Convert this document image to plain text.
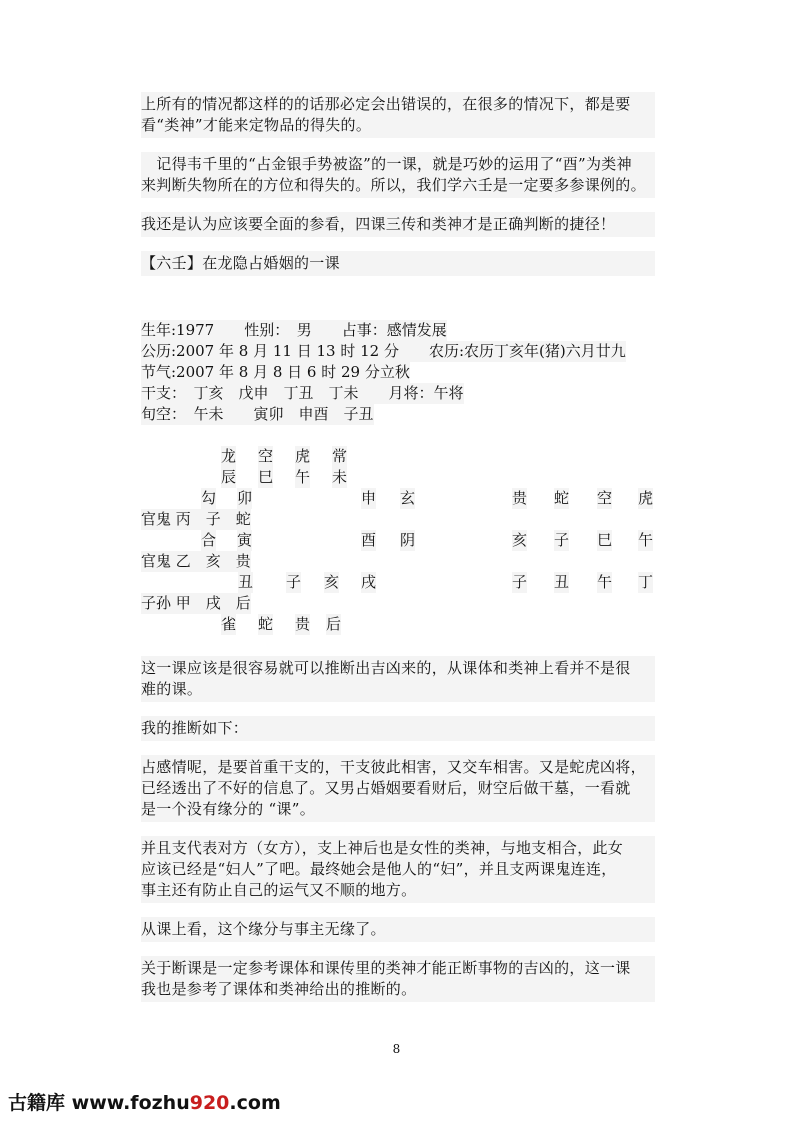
上所有的情况都这样的的话那必定会出错误的，在很多的情况下，都是要
看“类神”才能来定物品的得失的。

　记得韦千里的“占金银手势被盗”的一课，就是巧妙的运用了“酉”为类神
来判断失物所在的方位和得失的。所以，我们学六壬是一定要多参课例的。

我还是认为应该要全面的参看，四课三传和类神才是正确判断的捷径！

【六壬】在龙隐占婚姻的一课

生年:1977　　性别：　男　　占事：感情发展
公历:2007 年 8 月 11 日 13 时 12 分　　农历:农历丁亥年(猪)六月廿九
节气:2007 年 8 月 8 日 6 时 29 分立秋
干支：　丁亥　戊申　丁丑　丁未　　月将：午将
旬空：　午未　　寅卯　申酉　子丑
龙 空 虎 常
辰 巳 午 未
勾 卯	申 玄	贵 蛇 空 虎
官鬼 丙　子　蛇
合 寅	酉 阴	亥 子 巳 午
官鬼 乙　亥　贵
丑 子 亥 戌	子 丑 午 丁
子孙 甲　戌　后
雀 蛇 贵 后

这一课应该是很容易就可以推断出吉凶来的，从课体和类神上看并不是很
难的课。

我的推断如下：

占感情呢，是要首重干支的，干支彼此相害，又交车相害。又是蛇虎凶将，
已经透出了不好的信息了。又男占婚姻要看财后，财空后做干墓，一看就
是一个没有缘分的 “课”。

并且支代表对方（女方），支上神后也是女性的类神，与地支相合，此女
应该已经是“妇人”了吧。最终她会是他人的“妇”，并且支两课鬼连连，
事主还有防止自己的运气又不顺的地方。

从课上看，这个缘分与事主无缘了。

关于断课是一定参考课体和课传里的类神才能正断事物的吉凶的，这一课
我也是参考了课体和类神给出的推断的。

8
古籍库 www.fozhu920.com
